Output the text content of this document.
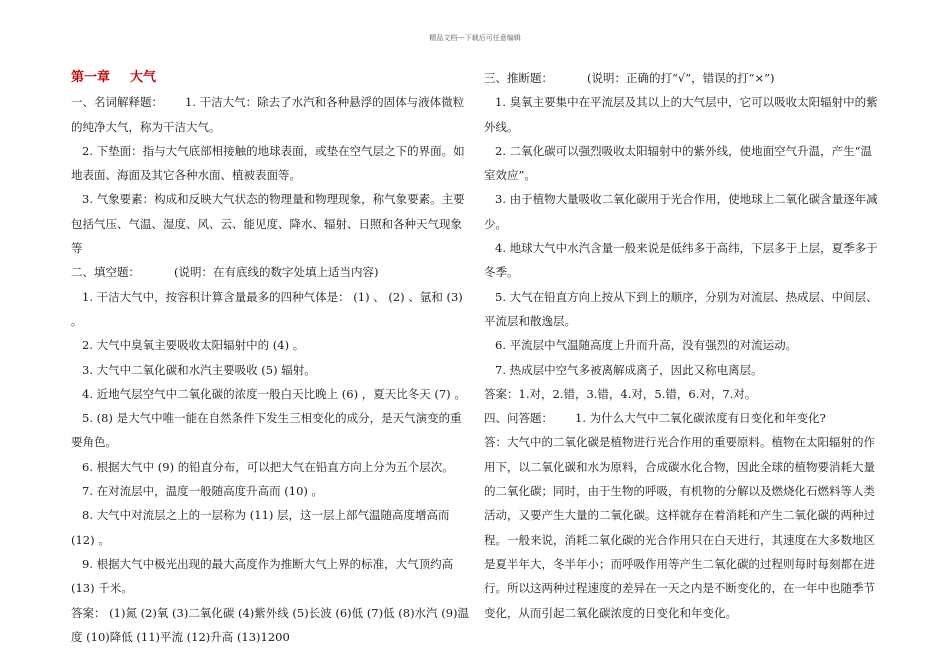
精品文档---下载后可任意编辑

第一章 大气

一、名词解释题： 1. 干洁大气：除去了水汽和各种悬浮的固体与液体微粒的纯净大气，称为干洁大气。

2. 下垫面：指与大气底部相接触的地球表面，或垫在空气层之下的界面。如地表面、海面及其它各种水面、植被表面等。

3. 气象要素：构成和反映大气状态的物理量和物理现象，称气象要素。主要包括气压、气温、湿度、风、云、能见度、降水、辐射、日照和各种天气现象等

二、填空题：	(说明：在有底线的数字处填上适当内容)

1. 干洁大气中，按容积计算含量最多的四种气体是： (1) 、 (2) 、氩和 (3) 。

2. 大气中臭氧主要吸收太阳辐射中的 (4) 。

3. 大气中二氧化碳和水汽主要吸收 (5) 辐射。

4. 近地气层空气中二氧化碳的浓度一般白天比晚上 (6) ，夏天比冬天 (7) 。

5. (8) 是大气中唯一能在自然条件下发生三相变化的成分，是天气演变的重要角色。

6. 根据大气中 (9) 的铅直分布，可以把大气在铅直方向上分为五个层次。

7. 在对流层中，温度一般随高度升高而 (10) 。

8. 大气中对流层之上的一层称为 (11) 层，这一层上部气温随高度增高而 (12) 。

9. 根据大气中极光出现的最大高度作为推断大气上界的标准，大气顶约高 (13) 千米。

答案： (1)氮 (2)氧 (3)二氧化碳 (4)紫外线 (5)长波 (6)低 (7)低 (8)水汽 (9)温度 (10)降低 (11)平流 (12)升高 (13)1200

三、推断题：	(说明：正确的打“√”，错误的打“×”)

1. 臭氧主要集中在平流层及其以上的大气层中，它可以吸收太阳辐射中的紫外线。

2. 二氧化碳可以强烈吸收太阳辐射中的紫外线，使地面空气升温，产生“温室效应”。

3. 由于植物大量吸收二氧化碳用于光合作用，使地球上二氧化碳含量逐年减少。

4. 地球大气中水汽含量一般来说是低纬多于高纬，下层多于上层，夏季多于冬季。

5. 大气在铅直方向上按从下到上的顺序，分别为对流层、热成层、中间层、平流层和散逸层。

6. 平流层中气温随高度上升而升高，没有强烈的对流运动。

7. 热成层中空气多被离解成离子，因此又称电离层。

答案：1.对，2.错，3.错，4.对，5.错，6.对，7.对。

四、问答题： 1. 为什么大气中二氧化碳浓度有日变化和年变化?

答：大气中的二氧化碳是植物进行光合作用的重要原料。植物在太阳辐射的作用下，以二氧化碳和水为原料，合成碳水化合物，因此全球的植物要消耗大量的二氧化碳；同时，由于生物的呼吸，有机物的分解以及燃烧化石燃料等人类活动，又要产生大量的二氧化碳。这样就存在着消耗和产生二氧化碳的两种过程。一般来说，消耗二氧化碳的光合作用只在白天进行，其速度在大多数地区是夏半年大，冬半年小；而呼吸作用等产生二氧化碳的过程则每时每刻都在进行。所以这两种过程速度的差异在一天之内是不断变化的，在一年中也随季节变化，从而引起二氧化碳浓度的日变化和年变化。
